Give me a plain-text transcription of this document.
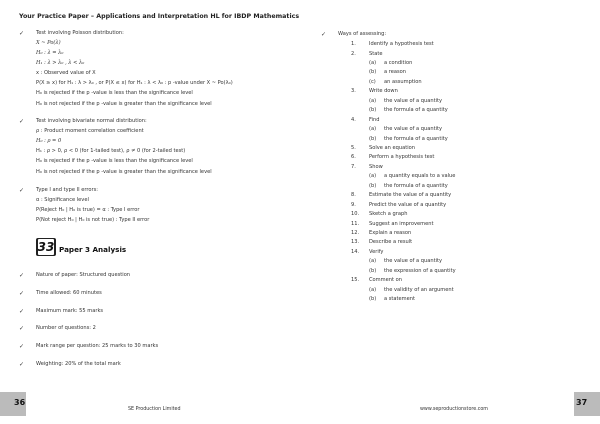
Your Practice Paper – Applications and Interpretation HL for IBDP Mathematics
✓ Test involving Poisson distribution:
X ~ Po(λ)
H₀ : λ = λ₀
H₁ : λ > λ₀ , λ < λ₀
x : Observed value of X
P(X ≥ x) for H₁ : λ > λ₀ , or P(X ≤ x) for H₁ : λ < λ₀ : p -value under X ~ Po(λ₀)
H₀ is rejected if the p -value is less than the significance level
H₀ is not rejected if the p -value is greater than the significance level
✓ Test involving bivariate normal distribution:
ρ : Product moment correlation coefficient
H₀ : ρ = 0
H₁ : ρ > 0, ρ < 0 (for 1-tailed test), ρ ≠ 0 (for 2-tailed test)
H₀ is rejected if the p -value is less than the significance level
H₀ is not rejected if the p -value is greater than the significance level
✓ Type I and type II errors:
α : Significance level
P(Reject H₀ | H₀ is true) = α : Type I error
P(Not reject H₀ | H₀ is not true) : Type II error
33 Paper 3 Analysis
✓ Nature of paper: Structured question
✓ Time allowed: 60 minutes
✓ Maximum mark: 55 marks
✓ Number of questions: 2
✓ Mark range per question: 25 marks to 30 marks
✓ Weighting: 20% of the total mark
✓ Ways of assessing:
1.	Identify a hypothesis test
2.	State
(a) a condition
(b) a reason
(c) an assumption
3.	Write down
(a) the value of a quantity
(b) the formula of a quantity
4.	Find
(a) the value of a quantity
(b) the formula of a quantity
5.	Solve an equation
6.	Perform a hypothesis test
7.	Show
(a) a quantity equals to a value
(b) the formula of a quantity
8.	Estimate the value of a quantity
9.	Predict the value of a quantity
10. Sketch a graph
11. Suggest an improvement
12. Explain a reason
13. Describe a result
14. Verify
(a) the value of a quantity
(b) the expression of a quantity
15. Comment on
(a) the validity of an argument
(b) a statement
36
SE Production Limited	www.seproductionstore.com
37
